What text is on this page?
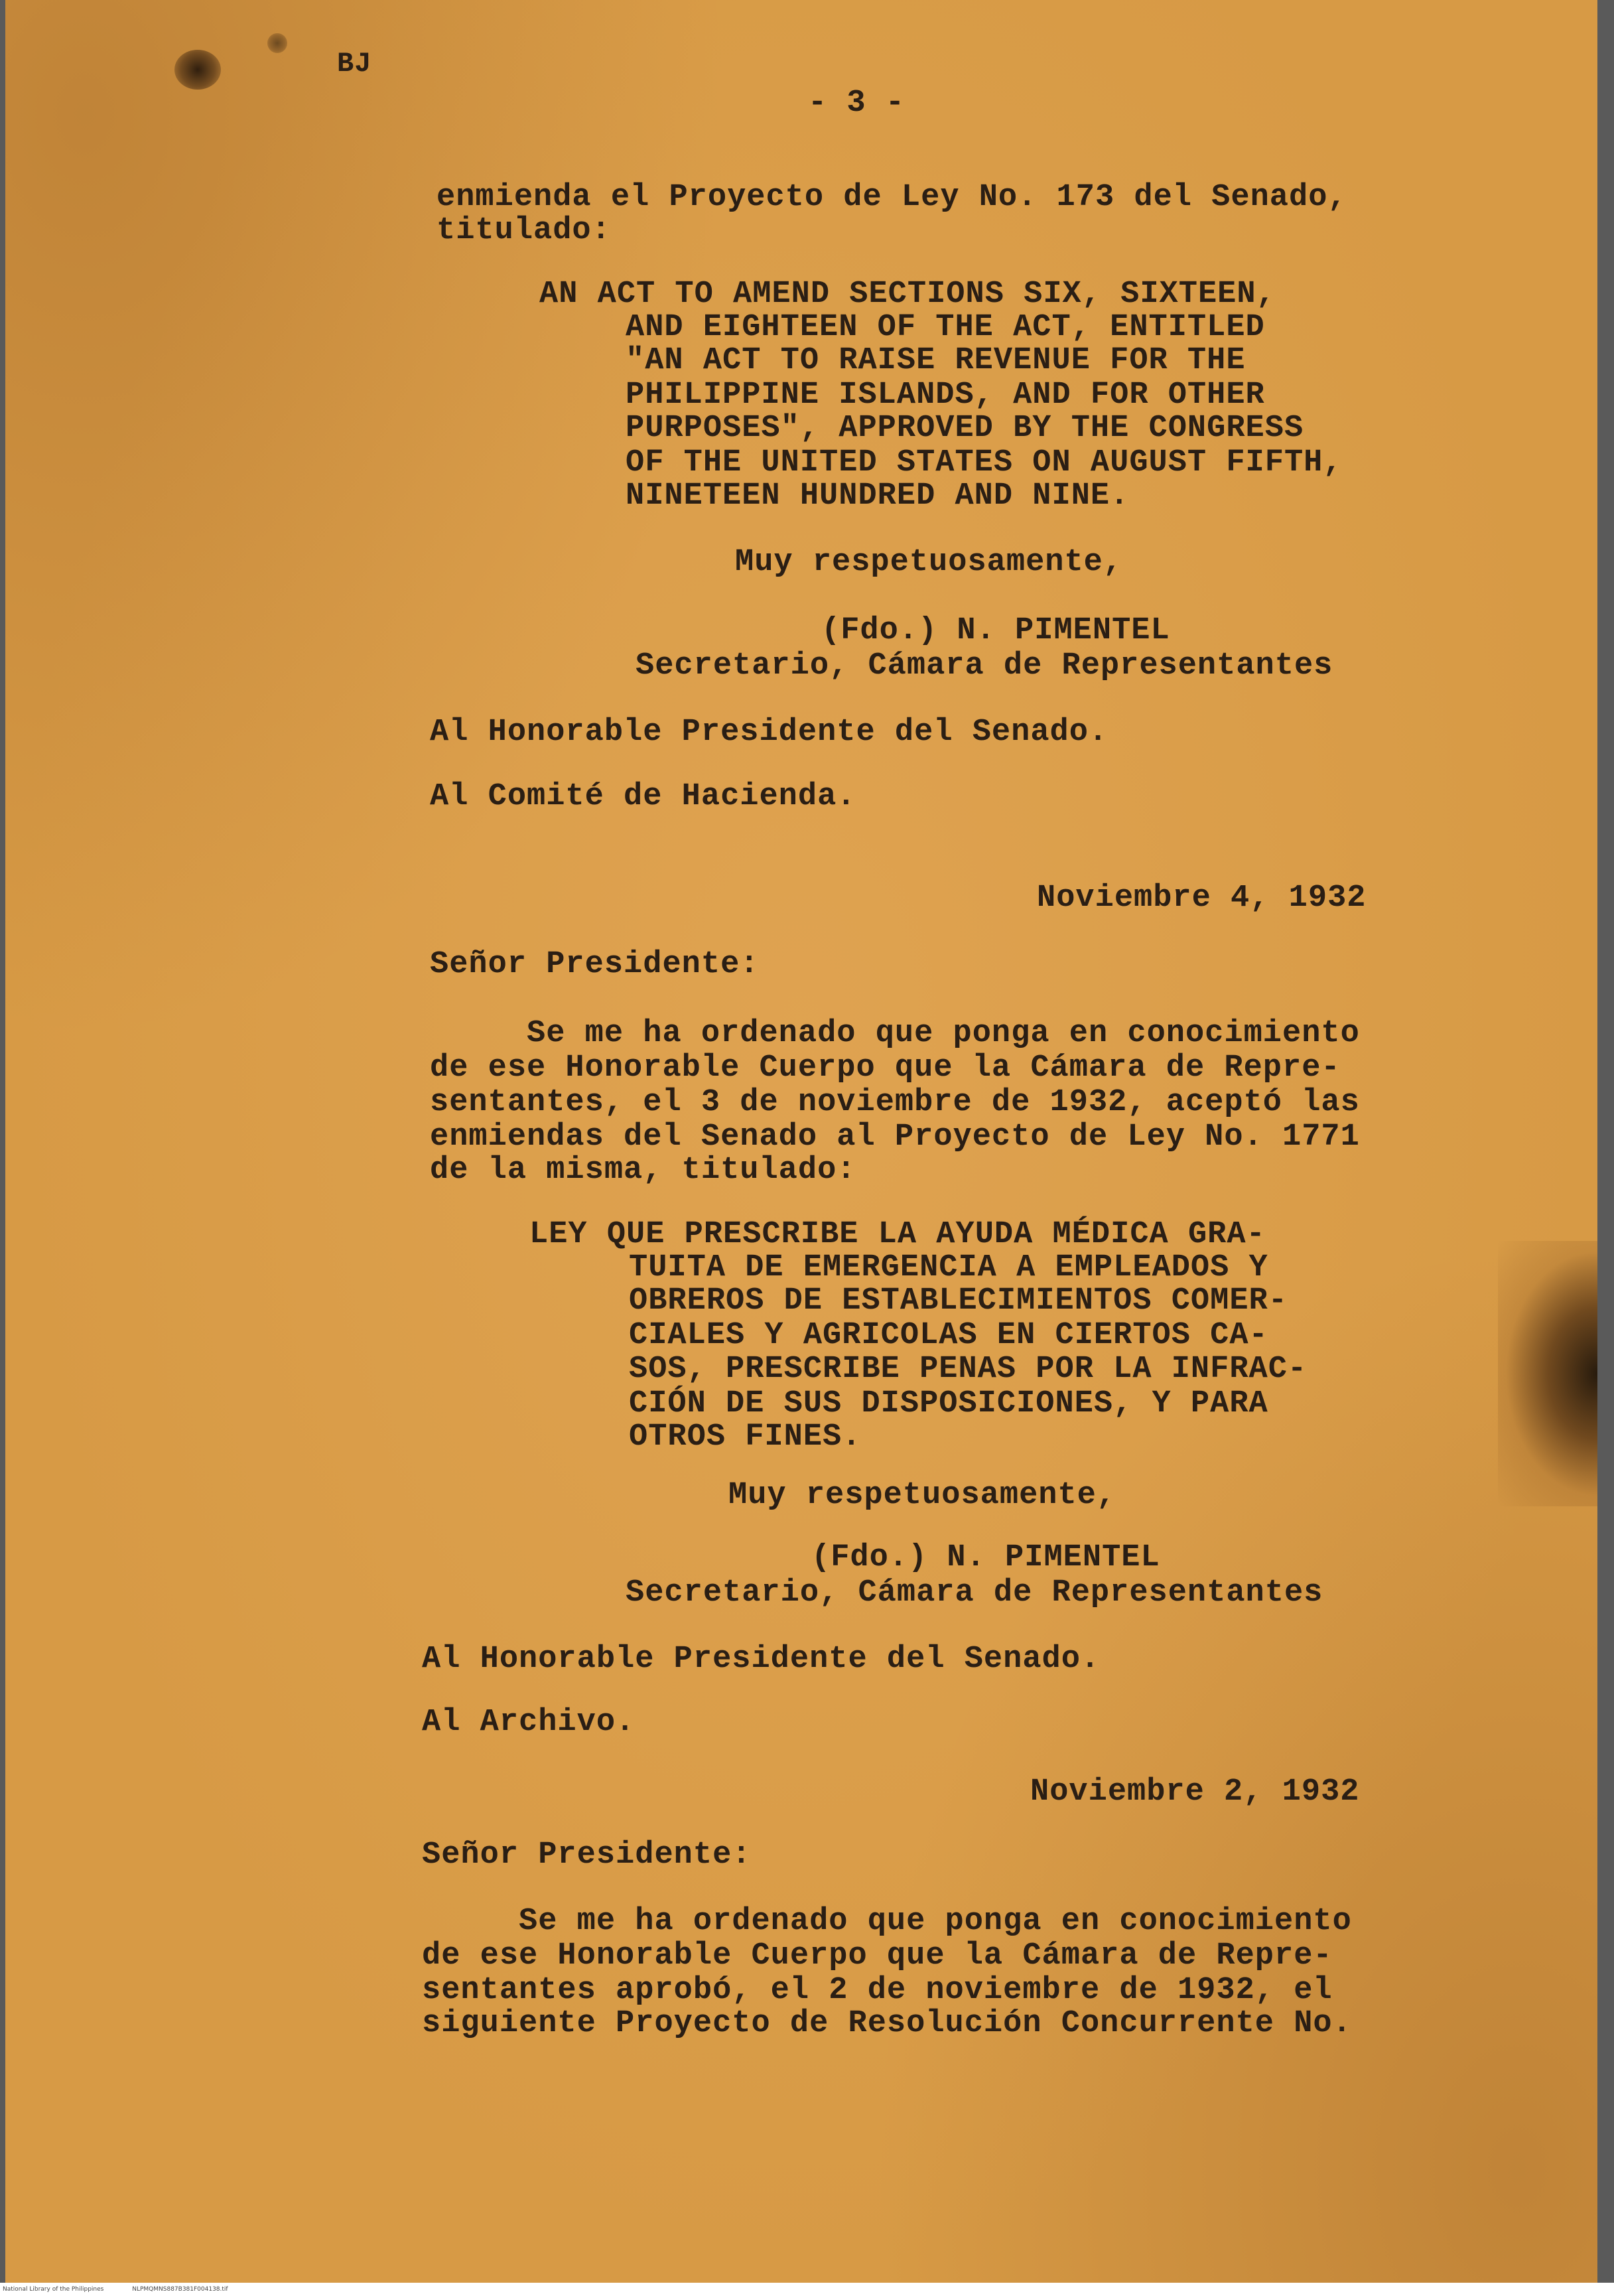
BJ
- 3 -
enmienda el Proyecto de Ley No. 173 del Senado,
titulado:
AN ACT TO AMEND SECTIONS SIX, SIXTEEN,
AND EIGHTEEN OF THE ACT, ENTITLED
"AN ACT TO RAISE REVENUE FOR THE
PHILIPPINE ISLANDS, AND FOR OTHER
PURPOSES", APPROVED BY THE CONGRESS
OF THE UNITED STATES ON AUGUST FIFTH,
NINETEEN HUNDRED AND NINE.
Muy respetuosamente,
(Fdo.) N. PIMENTEL
Secretario, Cámara de Representantes
Al Honorable Presidente del Senado.
Al Comité de Hacienda.
Noviembre 4, 1932
Señor Presidente:
Se me ha ordenado que ponga en conocimiento
de ese Honorable Cuerpo que la Cámara de Repre-
sentantes, el 3 de noviembre de 1932, aceptó las
enmiendas del Senado al Proyecto de Ley No. 1771
de la misma, titulado:
LEY QUE PRESCRIBE LA AYUDA MÉDICA GRA-
TUITA DE EMERGENCIA A EMPLEADOS Y
OBREROS DE ESTABLECIMIENTOS COMER-
CIALES Y AGRICOLAS EN CIERTOS CA-
SOS, PRESCRIBE PENAS POR LA INFRAC-
CIÓN DE SUS DISPOSICIONES, Y PARA
OTROS FINES.
Muy respetuosamente,
(Fdo.) N. PIMENTEL
Secretario, Cámara de Representantes
Al Honorable Presidente del Senado.
Al Archivo.
Noviembre 2, 1932
Señor Presidente:
Se me ha ordenado que ponga en conocimiento
de ese Honorable Cuerpo que la Cámara de Repre-
sentantes aprobó, el 2 de noviembre de 1932, el
siguiente Proyecto de Resolución Concurrente No.
National Library of the Philippines	NLPMQMNS887B381F004138.tif
